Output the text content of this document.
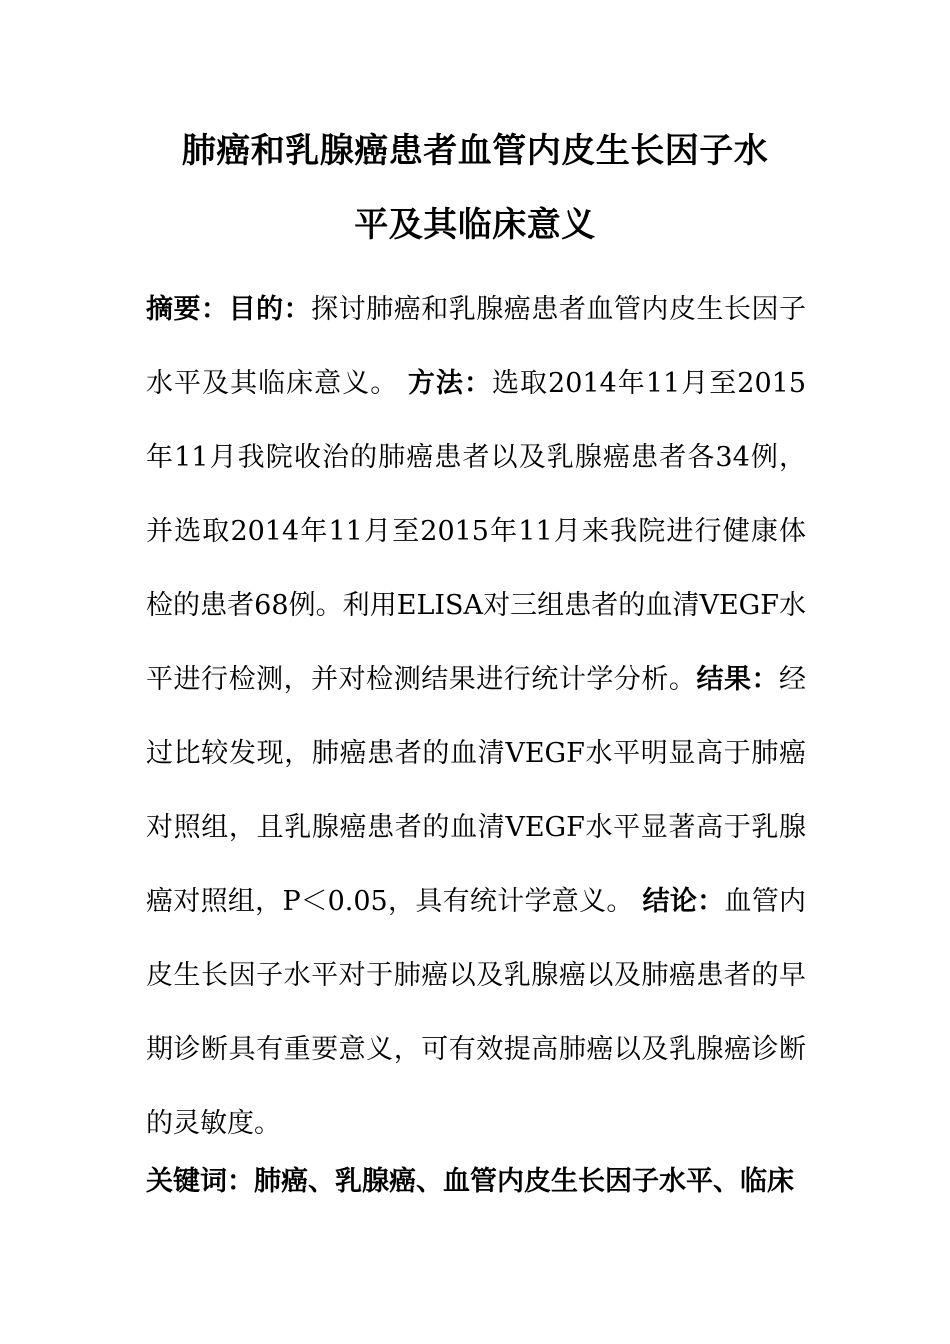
肺癌和乳腺癌患者血管内皮生长因子水
平及其临床意义
摘要：目的：探讨肺癌和乳腺癌患者血管内皮生长因子水平及其临床意义。 方法：选取2014年11月至2015年11月我院收治的肺癌患者以及乳腺癌患者各34例，并选取2014年11月至2015年11月来我院进行健康体检的患者68例。利用ELISA对三组患者的血清VEGF水平进行检测，并对检测结果进行统计学分析。结果：经过比较发现，肺癌患者的血清VEGF水平明显高于肺癌对照组，且乳腺癌患者的血清VEGF水平显著高于乳腺癌对照组，P＜0.05，具有统计学意义。 结论：血管内皮生长因子水平对于肺癌以及乳腺癌以及肺癌患者的早期诊断具有重要意义，可有效提高肺癌以及乳腺癌诊断的灵敏度。
关键词：肺癌、乳腺癌、血管内皮生长因子水平、临床
